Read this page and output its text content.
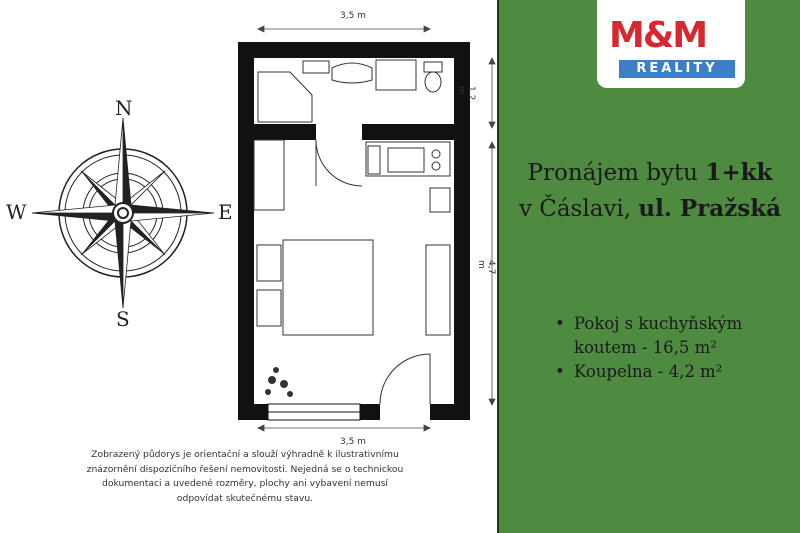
N
S
W	E
3,5 m
3,5 m
1,2 m
4,7 m
Zobrazený půdorys je orientační a slouží výhradně k ilustrativnímu znázornění dispozičního řešení nemovitosti. Nejedná se o technickou dokumentaci a uvedené rozměry, plochy ani vybavení nemusí odpovídat skutečnému stavu.
M&M
REALITY
Pronájem bytu 1+kk
v Čáslavi, ul. Pražská
• Pokoj s kuchyňským koutem - 16,5 m²
• Koupelna - 4,2 m²
